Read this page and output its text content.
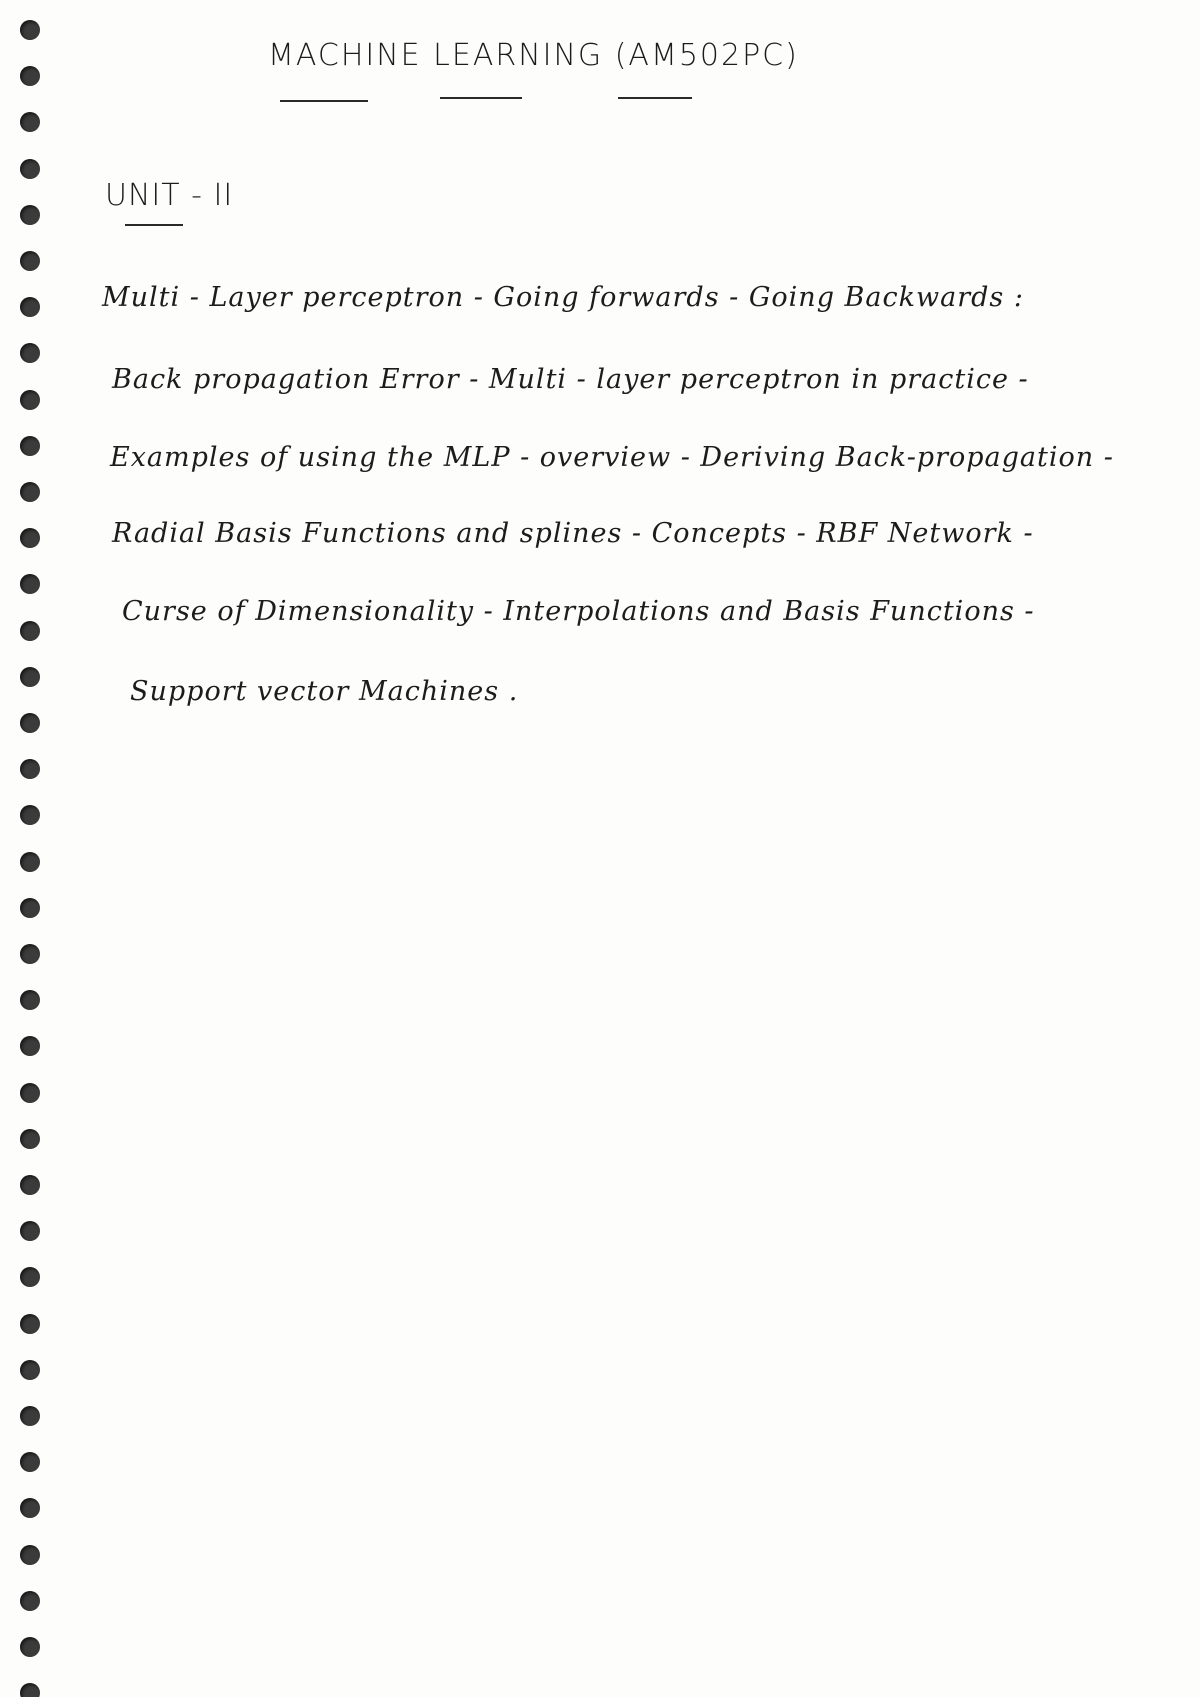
MACHINE LEARNING (AM502PC)
UNIT - II
Multi - Layer perceptron - Going forwards - Going Backwards :
Back propagation Error - Multi - layer perceptron in practice -
Examples of using the MLP - overview - Deriving Back-propagation -
Radial Basis Functions and splines - Concepts - RBF Network -
Curse of Dimensionality - Interpolations and Basis Functions -
Support vector Machines .
